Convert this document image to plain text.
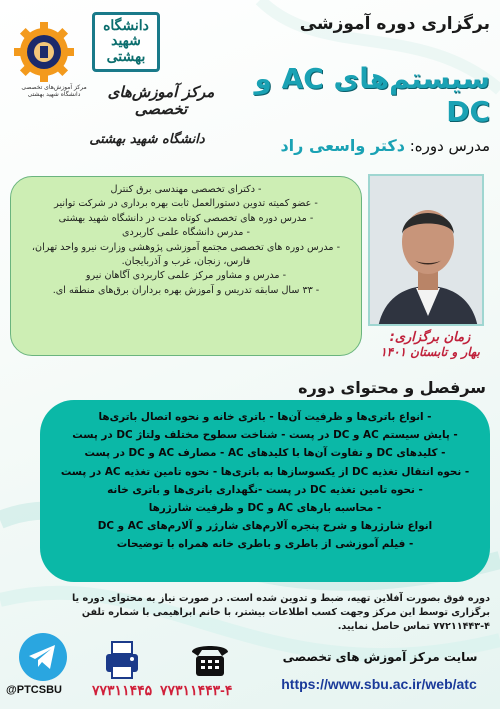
دانشگاه شهید بهشتی
مرکز آموزش‌های تخصصی دانشگاه شهید بهشتی	مرکز آموزش‌های تخصصی
دانشگاه شهید بهشتی
برگزاری دوره آموزشی
سیستم‌های AC و DC
مدرس دوره: دکتر واسعی راد
- دکترای تخصصی مهندسی برق کنترل
- عضو کمیته تدوین دستورالعمل ثابت بهره برداری در شرکت توانیر
- مدرس دوره های تخصصی کوتاه مدت در دانشگاه شهید بهشتی
- مدرس دانشگاه علمی کاربردی
- مدرس دوره های تخصصی مجتمع آموزشی پژوهشی وزارت نیرو واحد تهران، فارس، زنجان، غرب و آذربایجان.
- مدرس و مشاور مرکز علمی کاربردی آگاهان نیرو
- ۳۳ سال سابقه تدریس و آموزش بهره برداران برق‌های منطقه ای.
زمان برگزاری:
بهار و تابستان ۱۴۰۱
سرفصل و محتوای دوره
- انواع باتری‌ها و ظرفیت آن‌ها - باتری خانه و نحوه اتصال باتری‌ها
- پایش سیستم AC و DC در پست - شناخت سطوح مختلف ولتاژ DC در پست
- کلیدهای DC و تفاوت آن‌ها با کلیدهای AC - مصارف AC و DC در پست
- نحوه انتقال تغذیه DC از یکسوسازها به باتری‌ها - نحوه تامین تغذیه AC در پست
- نحوه تامین تغذیه DC در پست -نگهداری باتری‌ها و باتری خانه
- محاسبه بارهای AC و DC و ظرفیت شارژرها
انواع شارژرها و شرح پنجره آلارم‌های شارژر و آلارم‌های AC و DC
- فیلم آموزشی از باطری و باطری خانه همراه با توضیحات
دوره فوق بصورت آفلاین تهیه، ضبط و تدوین شده است. در صورت نیاز به محتوای دوره یا برگزاری توسط این مرکز وجهت کسب اطلاعات بیشتر، با خانم ابراهیمی با شماره تلفن ۴-۷۷۲۱۱۴۴۳ تماس حاصل نمایید.
@PTCSBU	۷۷۳۱۱۴۴۵ ۷۷۳۱۱۴۴۳-۴
سایت مرکز آموزش های تخصصی
https://www.sbu.ac.ir/web/atc
